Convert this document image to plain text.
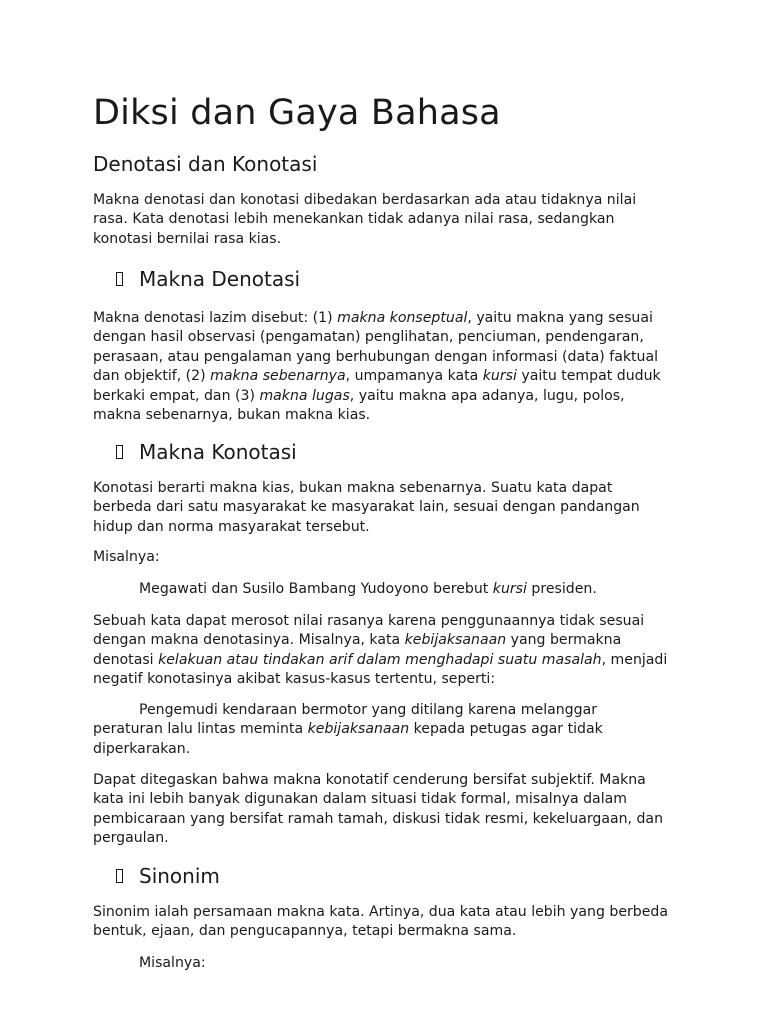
Diksi dan Gaya Bahasa
Denotasi dan Konotasi
Makna denotasi dan konotasi dibedakan berdasarkan ada atau tidaknya nilai
rasa. Kata denotasi lebih menekankan tidak adanya nilai rasa, sedangkan
konotasi bernilai rasa kias.
Makna Denotasi
Makna denotasi lazim disebut: (1) makna konseptual, yaitu makna yang sesuai
dengan hasil observasi (pengamatan) penglihatan, penciuman, pendengaran,
perasaan, atau pengalaman yang berhubungan dengan informasi (data) faktual
dan objektif, (2) makna sebenarnya, umpamanya kata kursi yaitu tempat duduk
berkaki empat, dan (3) makna lugas, yaitu makna apa adanya, lugu, polos,
makna sebenarnya, bukan makna kias.
Makna Konotasi
Konotasi berarti makna kias, bukan makna sebenarnya. Suatu kata dapat
berbeda dari satu masyarakat ke masyarakat lain, sesuai dengan pandangan
hidup dan norma masyarakat tersebut.
Misalnya:
Megawati dan Susilo Bambang Yudoyono berebut kursi presiden.
Sebuah kata dapat merosot nilai rasanya karena penggunaannya tidak sesuai
dengan makna denotasinya. Misalnya, kata kebijaksanaan yang bermakna
denotasi kelakuan atau tindakan arif dalam menghadapi suatu masalah, menjadi
negatif konotasinya akibat kasus-kasus tertentu, seperti:
Pengemudi kendaraan bermotor yang ditilang karena melanggar
peraturan lalu lintas meminta kebijaksanaan kepada petugas agar tidak
diperkarakan.
Dapat ditegaskan bahwa makna konotatif cenderung bersifat subjektif. Makna
kata ini lebih banyak digunakan dalam situasi tidak formal, misalnya dalam
pembicaraan yang bersifat ramah tamah, diskusi tidak resmi, kekeluargaan, dan
pergaulan.
Sinonim
Sinonim ialah persamaan makna kata. Artinya, dua kata atau lebih yang berbeda
bentuk, ejaan, dan pengucapannya, tetapi bermakna sama.
Misalnya:
